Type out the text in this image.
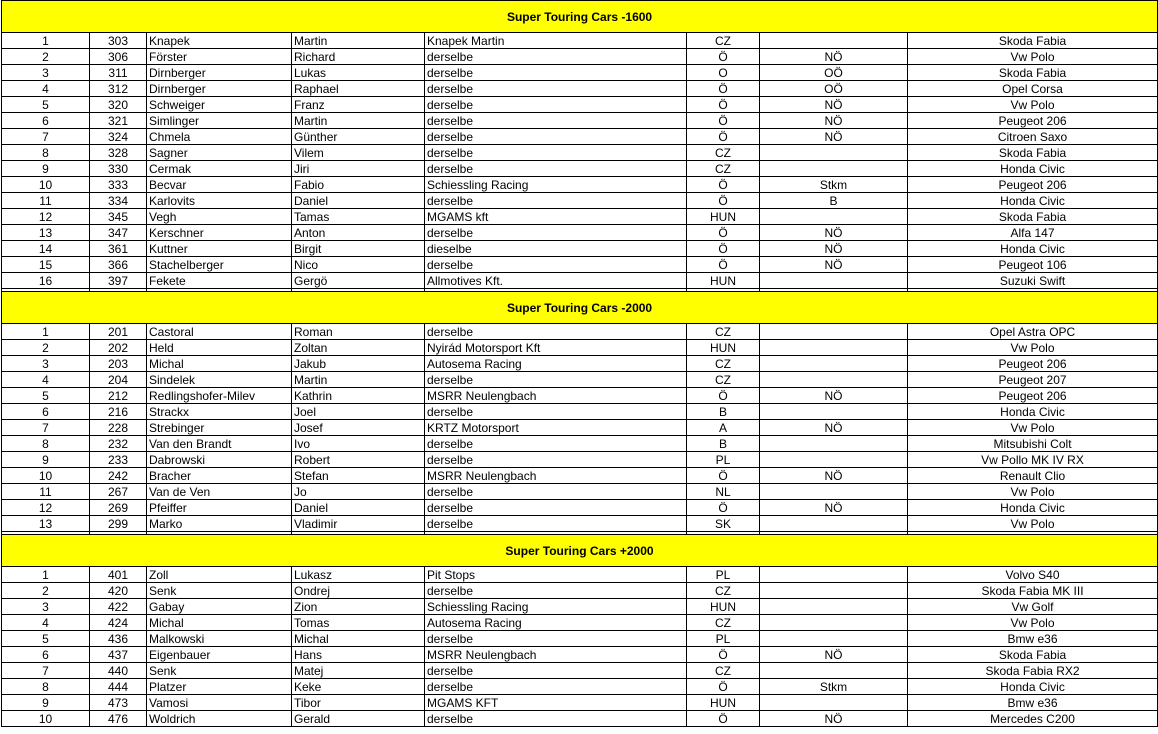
Super Touring Cars -1600							
1	303	Knapek	Martin	Knapek Martin	CZ		Skoda Fabia
2	306	Förster	Richard	derselbe	Ö	NÖ	Vw Polo
3	311	Dirnberger	Lukas	derselbe	O	OÖ	Skoda Fabia
4	312	Dirnberger	Raphael	derselbe	Ö	OÖ	Opel Corsa
5	320	Schweiger	Franz	derselbe	Ö	NÖ	Vw Polo
6	321	Simlinger	Martin	derselbe	Ö	NÖ	Peugeot 206
7	324	Chmela	Günther	derselbe	Ö	NÖ	Citroen Saxo
8	328	Sagner	Vilem	derselbe	CZ		Skoda Fabia
9	330	Cermak	Jiri	derselbe	CZ		Honda Civic
10	333	Becvar	Fabio	Schiessling Racing	Ö	Stkm	Peugeot 206
11	334	Karlovits	Daniel	derselbe	Ö	B	Honda Civic
12	345	Vegh	Tamas	MGAMS kft	HUN		Skoda Fabia
13	347	Kerschner	Anton	derselbe	Ö	NÖ	Alfa 147
14	361	Kuttner	Birgit	dieselbe	Ö	NÖ	Honda Civic
15	366	Stachelberger	Nico	derselbe	Ö	NÖ	Peugeot 106
16	397	Fekete	Gergö	Allmotives Kft.	HUN		Suzuki Swift

Super Touring Cars -2000							
1	201	Castoral	Roman	derselbe	CZ		Opel Astra OPC
2	202	Held	Zoltan	Nyirád Motorsport Kft	HUN		Vw Polo
3	203	Michal	Jakub	Autosema Racing	CZ		Peugeot 206
4	204	Sindelek	Martin	derselbe	CZ		Peugeot 207
5	212	Redlingshofer-Milev	Kathrin	MSRR Neulengbach	Ö	NÖ	Peugeot 206
6	216	Strackx	Joel	derselbe	B		Honda Civic
7	228	Strebinger	Josef	KRTZ Motorsport	A	NÖ	Vw Polo
8	232	Van den Brandt	Ivo	derselbe	B		Mitsubishi Colt
9	233	Dabrowski	Robert	derselbe	PL		Vw Pollo MK IV RX
10	242	Bracher	Stefan	MSRR Neulengbach	Ö	NÖ	Renault Clio
11	267	Van de Ven	Jo	derselbe	NL		Vw Polo
12	269	Pfeiffer	Daniel	derselbe	Ö	NÖ	Honda Civic
13	299	Marko	Vladimir	derselbe	SK		Vw Polo

Super Touring Cars +2000							
1	401	Zoll	Lukasz	Pit Stops	PL		Volvo S40
2	420	Senk	Ondrej	derselbe	CZ		Skoda Fabia MK III
3	422	Gabay	Zion	Schiessling Racing	HUN		Vw Golf
4	424	Michal	Tomas	Autosema Racing	CZ		Vw Polo
5	436	Malkowski	Michal	derselbe	PL		Bmw e36
6	437	Eigenbauer	Hans	MSRR Neulengbach	Ö	NÖ	Skoda Fabia
7	440	Senk	Matej	derselbe	CZ		Skoda Fabia RX2
8	444	Platzer	Keke	derselbe	Ö	Stkm	Honda Civic
9	473	Vamosi	Tibor	MGAMS KFT	HUN		Bmw e36
10	476	Woldrich	Gerald	derselbe	Ö	NÖ	Mercedes C200
